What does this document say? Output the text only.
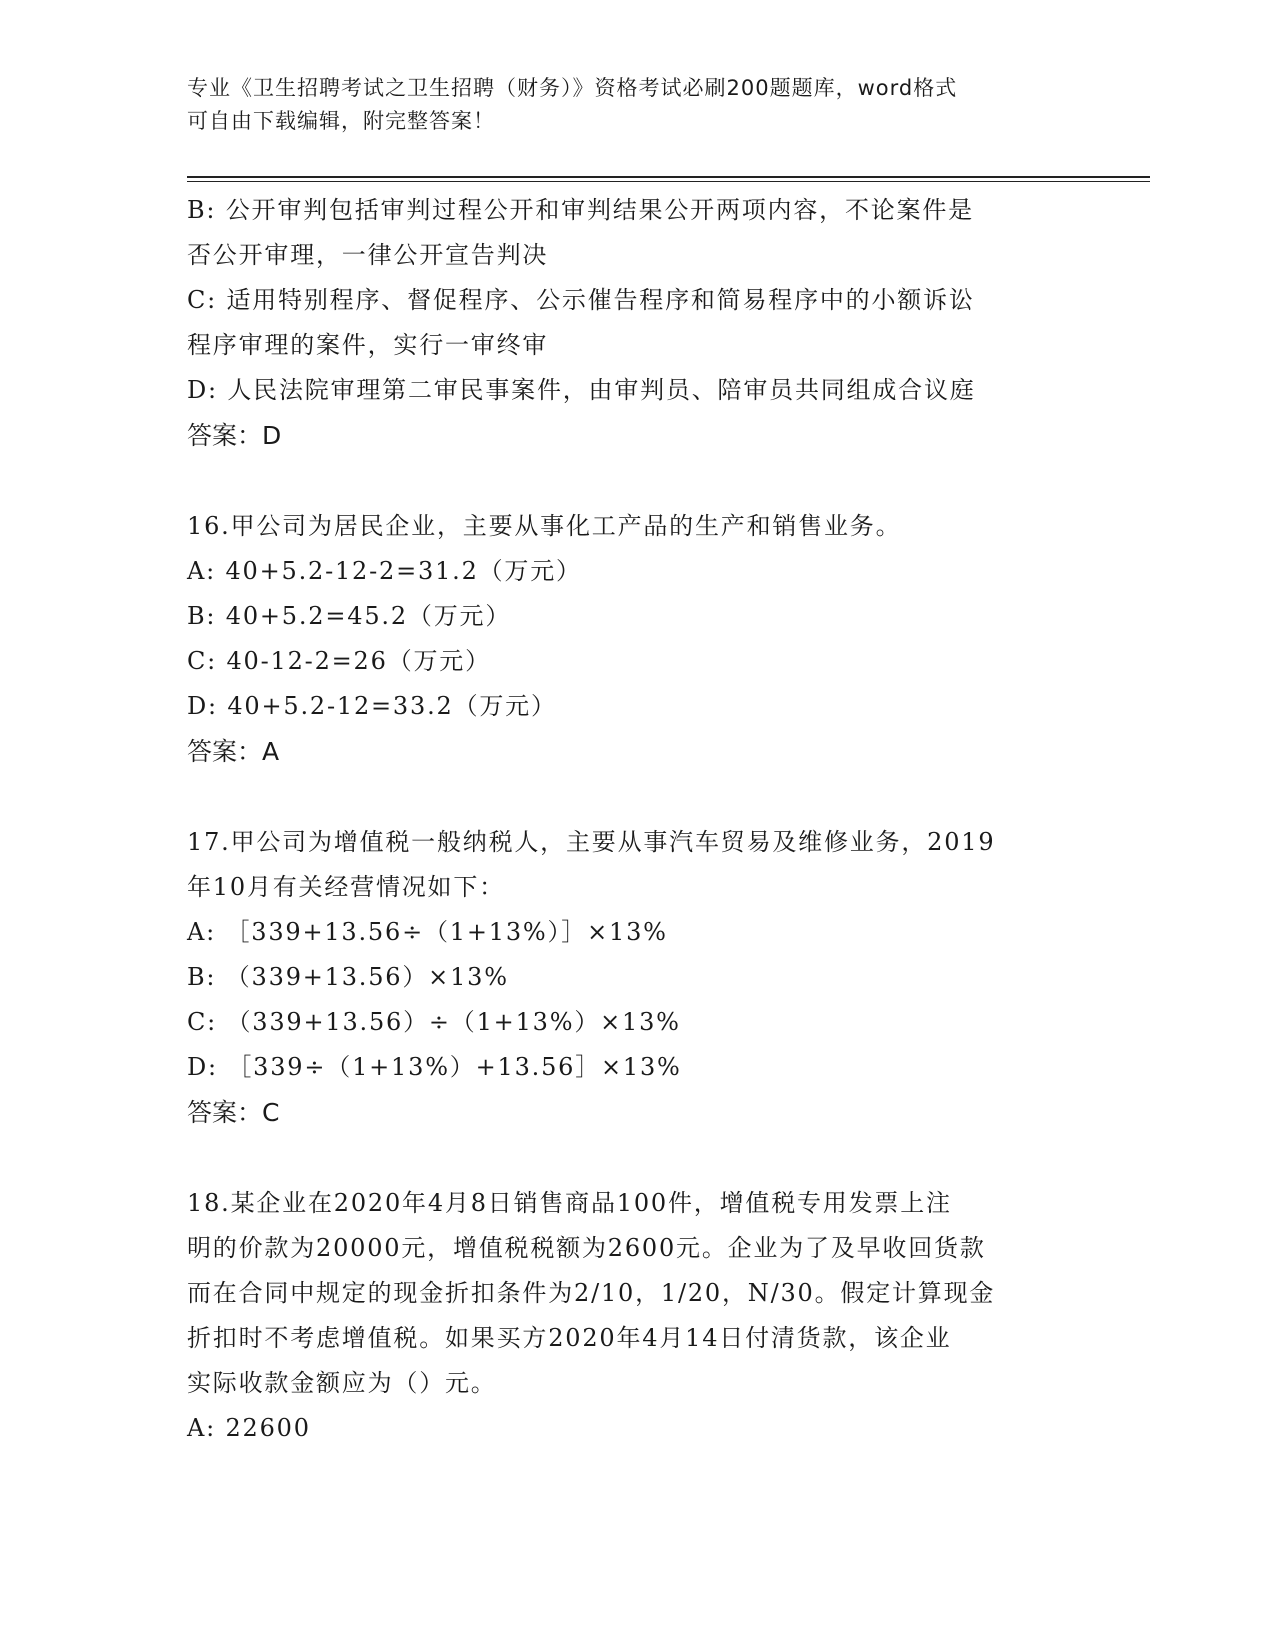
专业《卫生招聘考试之卫生招聘（财务）》资格考试必刷200题题库，word格式
可自由下载编辑，附完整答案！
B: 公开审判包括审判过程公开和审判结果公开两项内容，不论案件是
否公开审理，一律公开宣告判决
C: 适用特别程序、督促程序、公示催告程序和简易程序中的小额诉讼
程序审理的案件，实行一审终审
D: 人民法院审理第二审民事案件，由审判员、陪审员共同组成合议庭
答案：D
16.甲公司为居民企业，主要从事化工产品的生产和销售业务。
A: 40+5.2-12-2=31.2（万元）
B: 40+5.2=45.2（万元）
C: 40-12-2=26（万元）
D: 40+5.2-12=33.2（万元）
答案：A
17.甲公司为增值税一般纳税人，主要从事汽车贸易及维修业务，2019
年10月有关经营情况如下：
A: ［339+13.56÷（1+13%）］×13%
B: （339+13.56）×13%
C: （339+13.56）÷（1+13%）×13%
D: ［339÷（1+13%）+13.56］×13%
答案：C
18.某企业在2020年4月8日销售商品100件，增值税专用发票上注
明的价款为20000元，增值税税额为2600元。企业为了及早收回货款
而在合同中规定的现金折扣条件为2/10，1/20，N/30。假定计算现金
折扣时不考虑增值税。如果买方2020年4月14日付清货款，该企业
实际收款金额应为（）元。
A: 22600
